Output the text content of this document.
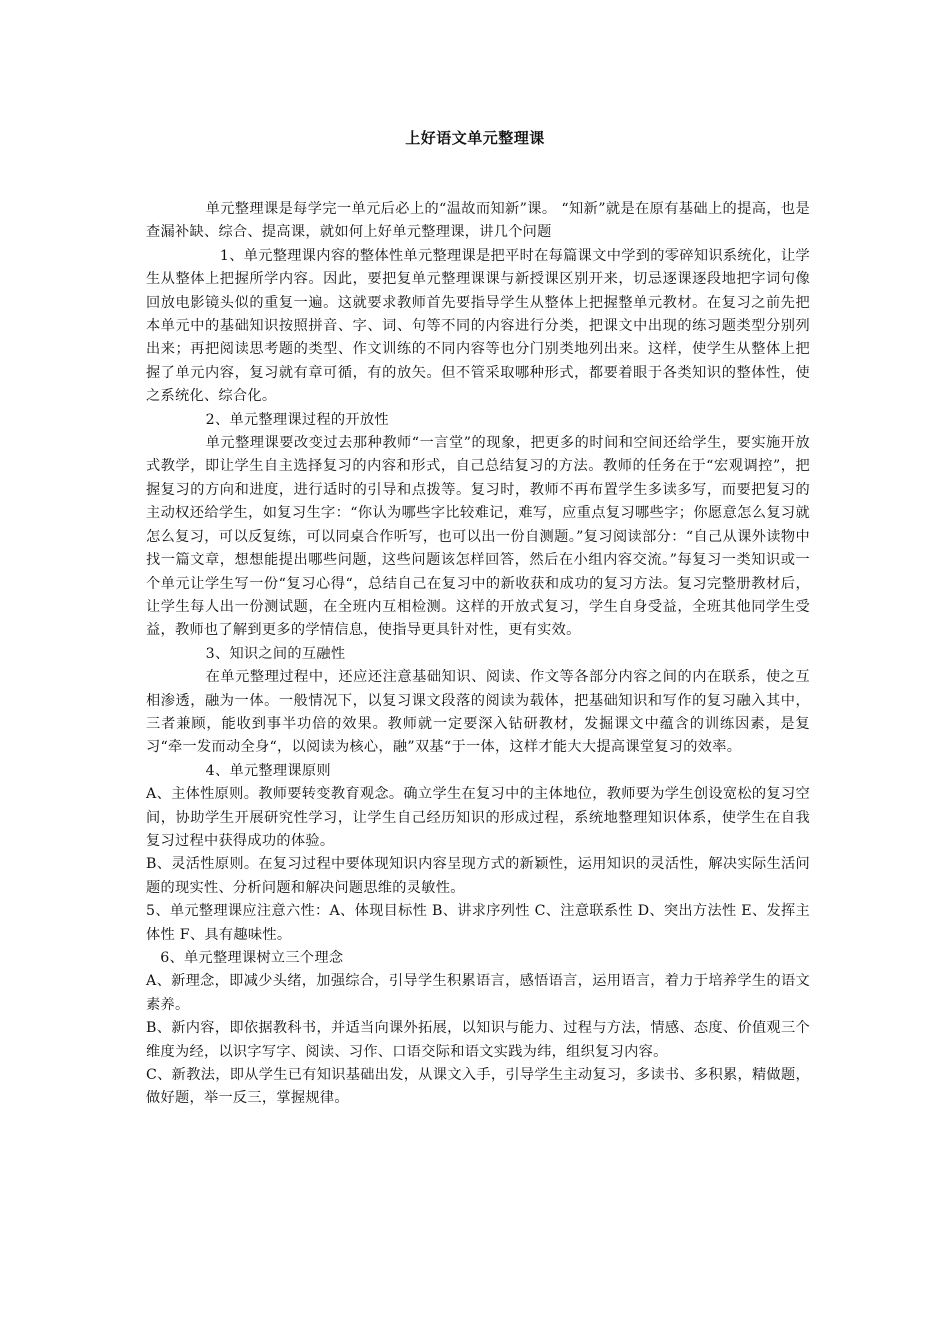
上好语文单元整理课

单元整理课是每学完一单元后必上的“温故而知新”课。 “知新”就是在原有基础上的提高，也是查漏补缺、综合、提高课，就如何上好单元整理课，讲几个问题

1、单元整理课内容的整体性单元整理课是把平时在每篇课文中学到的零碎知识系统化，让学生从整体上把握所学内容。因此，要把复单元整理课课与新授课区别开来，切忌逐课逐段地把字词句像回放电影镜头似的重复一遍。这就要求教师首先要指导学生从整体上把握整单元教材。在复习之前先把本单元中的基础知识按照拼音、字、词、句等不同的内容进行分类，把课文中出现的练习题类型分别列出来；再把阅读思考题的类型、作文训练的不同内容等也分门别类地列出来。这样，使学生从整体上把握了单元内容，复习就有章可循，有的放矢。但不管采取哪种形式，都要着眼于各类知识的整体性，使之系统化、综合化。

2、单元整理课过程的开放性

单元整理课要改变过去那种教师“一言堂”的现象，把更多的时间和空间还给学生，要实施开放式教学，即让学生自主选择复习的内容和形式，自己总结复习的方法。教师的任务在于“宏观调控”，把握复习的方向和进度，进行适时的引导和点拨等。复习时，教师不再布置学生多读多写，而要把复习的主动权还给学生，如复习生字：“你认为哪些字比较难记，难写，应重点复习哪些字；你愿意怎么复习就怎么复习，可以反复练，可以同桌合作听写，也可以出一份自测题。”复习阅读部分：“自己从课外读物中找一篇文章，想想能提出哪些问题，这些问题该怎样回答，然后在小组内容交流。”每复习一类知识或一个单元让学生写一份“复习心得“，总结自己在复习中的新收获和成功的复习方法。复习完整册教材后，让学生每人出一份测试题，在全班内互相检测。这样的开放式复习，学生自身受益，全班其他同学生受益，教师也了解到更多的学情信息，使指导更具针对性，更有实效。

3、知识之间的互融性

在单元整理过程中，还应还注意基础知识、阅读、作文等各部分内容之间的内在联系，使之互相渗透，融为一体。一般情况下，以复习课文段落的阅读为载体，把基础知识和写作的复习融入其中，三者兼顾，能收到事半功倍的效果。教师就一定要深入钻研教材，发掘课文中蕴含的训练因素，是复习“牵一发而动全身“，以阅读为核心，融”双基“于一体，这样才能大大提高课堂复习的效率。

4、单元整理课原则

A、主体性原则。教师要转变教育观念。确立学生在复习中的主体地位，教师要为学生创设宽松的复习空间，协助学生开展研究性学习，让学生自己经历知识的形成过程，系统地整理知识体系，使学生在自我复习过程中获得成功的体验。

B、灵活性原则。在复习过程中要体现知识内容呈现方式的新颖性，运用知识的灵活性，解决实际生活问题的现实性、分析问题和解决问题思维的灵敏性。

5、单元整理课应注意六性：A、体现目标性 B、讲求序列性 C、注意联系性 D、突出方法性 E、发挥主体性 F、具有趣味性。

6、单元整理课树立三个理念

A、新理念，即减少头绪，加强综合，引导学生积累语言，感悟语言，运用语言，着力于培养学生的语文素养。

B、新内容，即依据教科书，并适当向课外拓展，以知识与能力、过程与方法，情感、态度、价值观三个维度为经，以识字写字、阅读、习作、口语交际和语文实践为纬，组织复习内容。

C、新教法，即从学生已有知识基础出发，从课文入手，引导学生主动复习，多读书、多积累，精做题，做好题，举一反三，掌握规律。
